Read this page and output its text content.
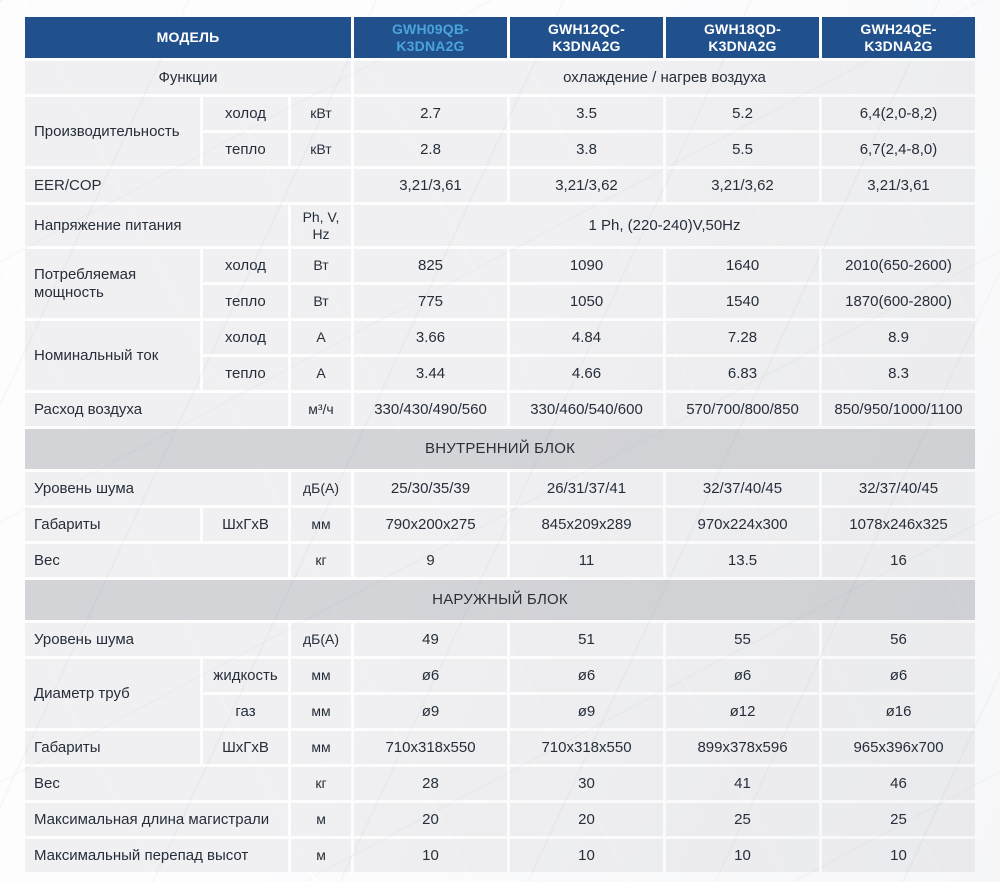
МОДЕЛЬ			GWH09QB-K3DNA2G	GWH12QC-K3DNA2G	GWH18QD-K3DNA2G	GWH24QE-K3DNA2G
Функции			охлаждение / нагрев воздуха			
Производительность	холод	кВт	2.7	3.5	5.2	6,4(2,0-8,2)
	тепло	кВт	2.8	3.8	5.5	6,7(2,4-8,0)
EER/COP			3,21/3,61	3,21/3,62	3,21/3,62	3,21/3,61
Напряжение питания		Ph, V, Hz	1 Ph, (220-240)V,50Hz			
Потребляемая мощность	холод	Вт	825	1090	1640	2010(650-2600)
	тепло	Вт	775	1050	1540	1870(600-2800)
Номинальный ток	холод	А	3.66	4.84	7.28	8.9
	тепло	А	3.44	4.66	6.83	8.3
Расход воздуха		м³/ч	330/430/490/560	330/460/540/600	570/700/800/850	850/950/1000/1100
ВНУТРЕННИЙ БЛОК						
Уровень шума		дБ(А)	25/30/35/39	26/31/37/41	32/37/40/45	32/37/40/45
Габариты	ШхГхВ	мм	790x200x275	845x209x289	970x224x300	1078x246x325
Вес		кг	9	11	13.5	16
НАРУЖНЫЙ БЛОК						
Уровень шума		дБ(А)	49	51	55	56
Диаметр труб	жидкость	мм	ø6	ø6	ø6	ø6
	газ	мм	ø9	ø9	ø12	ø16
Габариты	ШхГхВ	мм	710x318x550	710x318x550	899x378x596	965x396x700
Вес		кг	28	30	41	46
Максимальная длина магистрали		м	20	20	25	25
Максимальный перепад высот		м	10	10	10	10
